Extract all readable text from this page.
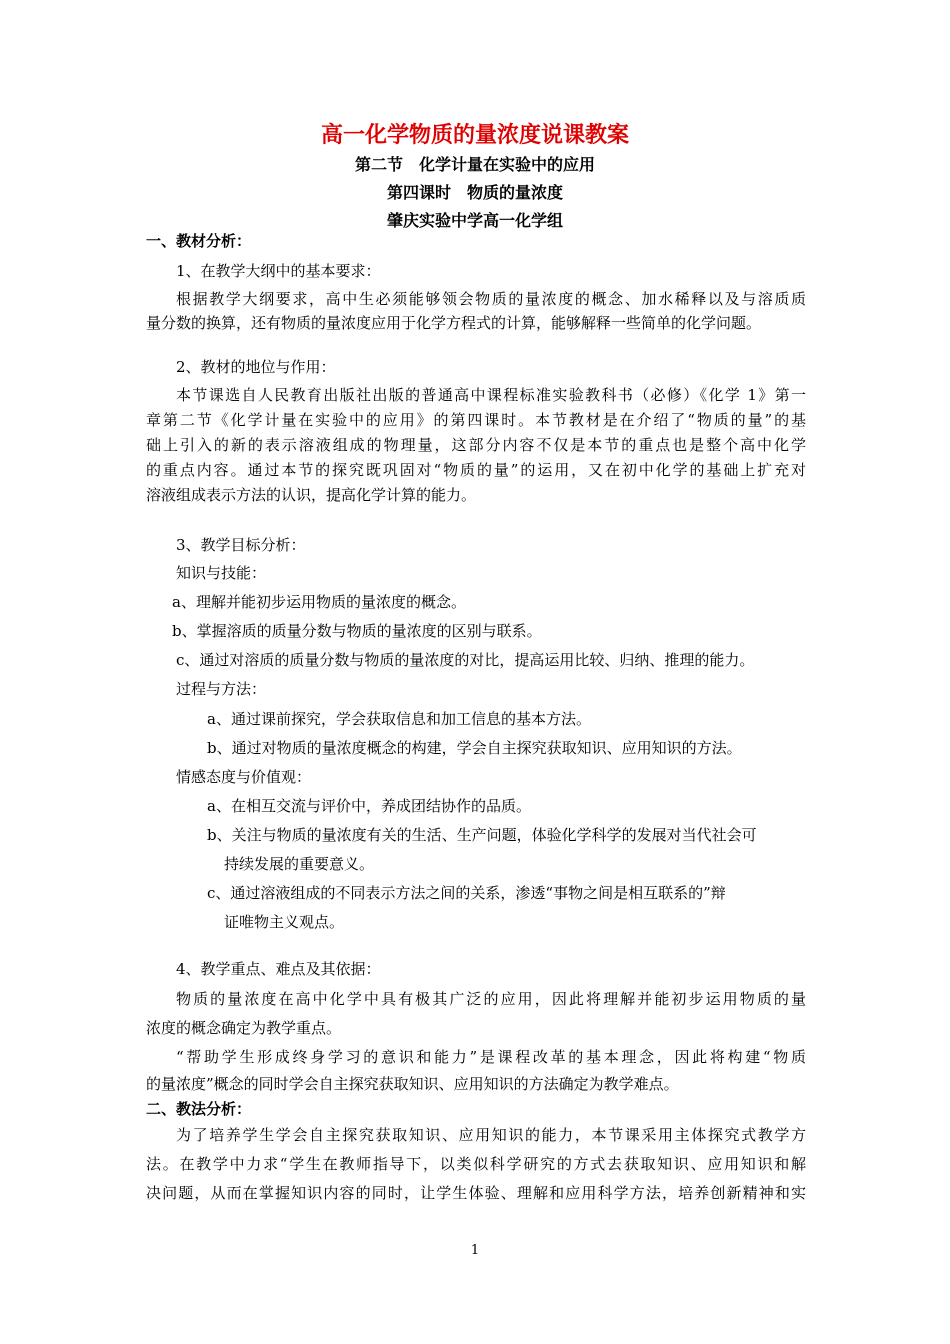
高一化学物质的量浓度说课教案
第二节　化学计量在实验中的应用
第四课时　物质的量浓度
肇庆实验中学高一化学组
一、教材分析：
1、在教学大纲中的基本要求：
根据教学大纲要求，高中生必须能够领会物质的量浓度的概念、加水稀释以及与溶质质
量分数的换算，还有物质的量浓度应用于化学方程式的计算，能够解释一些简单的化学问题。
2、教材的地位与作用：
本节课选自人民教育出版社出版的普通高中课程标准实验教科书（必修）《化学 1》第一
章第二节《化学计量在实验中的应用》的第四课时。本节教材是在介绍了“物质的量”的基
础上引入的新的表示溶液组成的物理量，这部分内容不仅是本节的重点也是整个高中化学
的重点内容。通过本节的探究既巩固对“物质的量”的运用，又在初中化学的基础上扩充对
溶液组成表示方法的认识，提高化学计算的能力。
3、教学目标分析：
知识与技能：
a、理解并能初步运用物质的量浓度的概念。
b、掌握溶质的质量分数与物质的量浓度的区别与联系。
c、通过对溶质的质量分数与物质的量浓度的对比，提高运用比较、归纳、推理的能力。
过程与方法：
a、通过课前探究，学会获取信息和加工信息的基本方法。
b、通过对物质的量浓度概念的构建，学会自主探究获取知识、应用知识的方法。
情感态度与价值观：
a、在相互交流与评价中，养成团结协作的品质。
b、关注与物质的量浓度有关的生活、生产问题，体验化学科学的发展对当代社会可
持续发展的重要意义。
c、通过溶液组成的不同表示方法之间的关系，渗透“事物之间是相互联系的”辩
证唯物主义观点。
4、教学重点、难点及其依据：
物质的量浓度在高中化学中具有极其广泛的应用，因此将理解并能初步运用物质的量
浓度的概念确定为教学重点。
“帮助学生形成终身学习的意识和能力”是课程改革的基本理念，因此将构建“物质
的量浓度”概念的同时学会自主探究获取知识、应用知识的方法确定为教学难点。
二、教法分析：
为了培养学生学会自主探究获取知识、应用知识的能力，本节课采用主体探究式教学方
法。在教学中力求“学生在教师指导下，以类似科学研究的方式去获取知识、应用知识和解
决问题，从而在掌握知识内容的同时，让学生体验、理解和应用科学方法，培养创新精神和实
1
